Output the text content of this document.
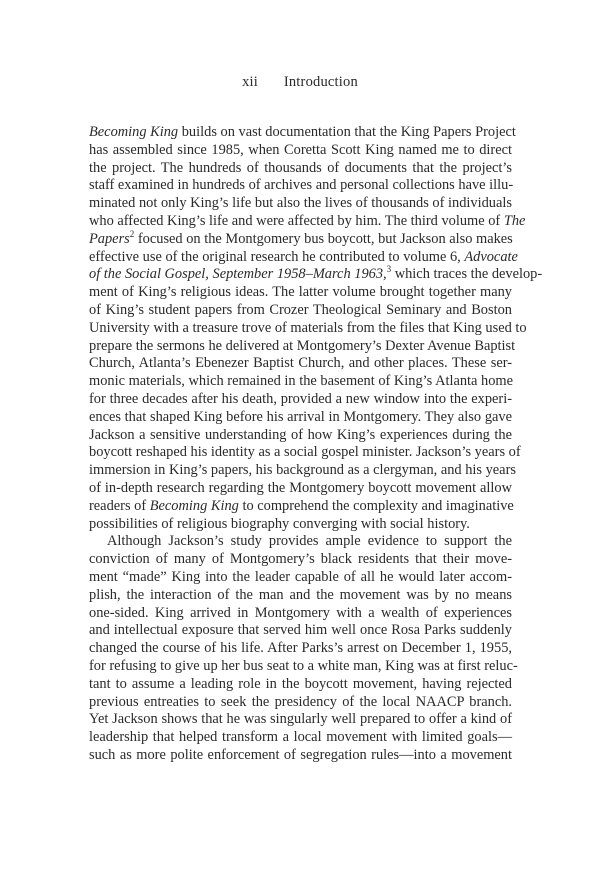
xii Introduction
Becoming King builds on vast documentation that the King Papers Project
has assembled since 1985, when Coretta Scott King named me to direct
the project. The hundreds of thousands of documents that the project’s
staff examined in hundreds of archives and personal collections have illu-
minated not only King’s life but also the lives of thousands of individuals
who affected King’s life and were affected by him. The third volume of The
Papers$^2$ focused on the Montgomery bus boycott, but Jackson also makes
effective use of the original research he contributed to volume 6, Advocate
of the Social Gospel, September 1958–March 1963,$^3$ which traces the develop-
ment of King’s religious ideas. The latter volume brought together many
of King’s student papers from Crozer Theological Seminary and Boston
University with a treasure trove of materials from the files that King used to
prepare the sermons he delivered at Montgomery’s Dexter Avenue Baptist
Church, Atlanta’s Ebenezer Baptist Church, and other places. These ser-
monic materials, which remained in the basement of King’s Atlanta home
for three decades after his death, provided a new window into the experi-
ences that shaped King before his arrival in Montgomery. They also gave
Jackson a sensitive understanding of how King’s experiences during the
boycott reshaped his identity as a social gospel minister. Jackson’s years of
immersion in King’s papers, his background as a clergyman, and his years
of in-depth research regarding the Montgomery boycott movement allow
readers of Becoming King to comprehend the complexity and imaginative
possibilities of religious biography converging with social history.
Although Jackson’s study provides ample evidence to support the
conviction of many of Montgomery’s black residents that their move-
ment “made” King into the leader capable of all he would later accom-
plish, the interaction of the man and the movement was by no means
one-sided. King arrived in Montgomery with a wealth of experiences
and intellectual exposure that served him well once Rosa Parks suddenly
changed the course of his life. After Parks’s arrest on December 1, 1955,
for refusing to give up her bus seat to a white man, King was at first reluc-
tant to assume a leading role in the boycott movement, having rejected
previous entreaties to seek the presidency of the local NAACP branch.
Yet Jackson shows that he was singularly well prepared to offer a kind of
leadership that helped transform a local movement with limited goals—
such as more polite enforcement of segregation rules—into a movement
